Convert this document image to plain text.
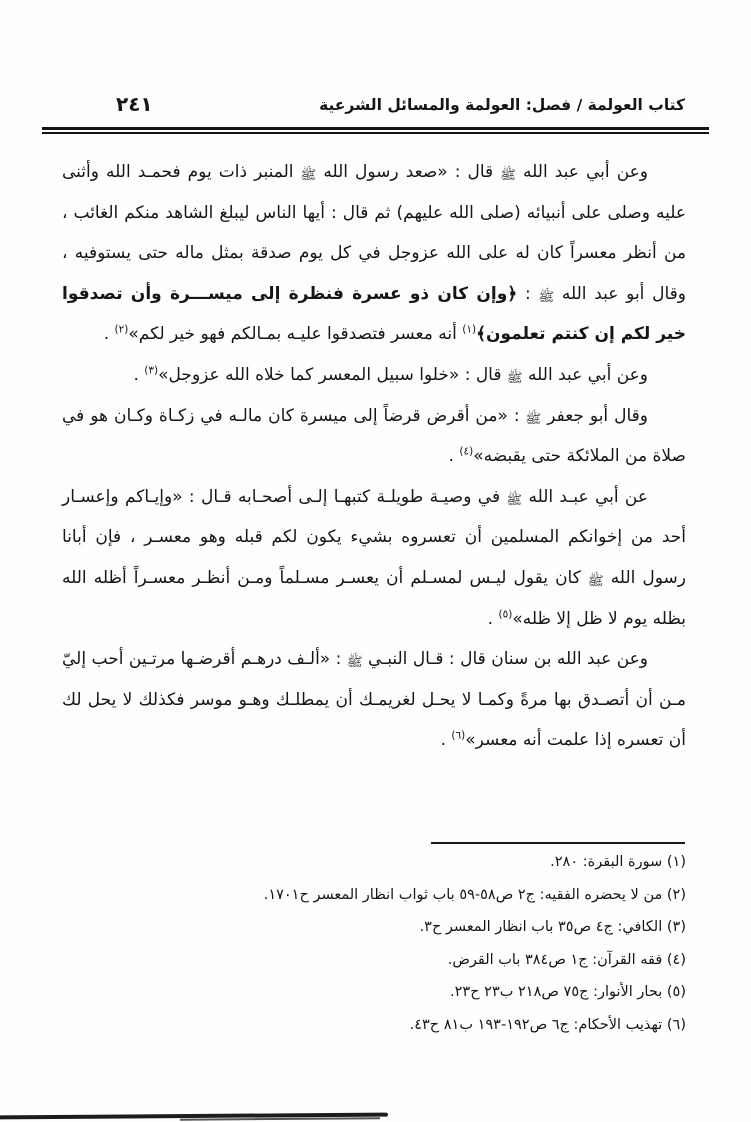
كتاب العولمة / فصل: العولمة والمسائل الشرعية
٢٤١

وعن أبي عبد الله ﷺ قال : «صعد رسول الله ﷺ المنبر ذات يوم فحمـد الله وأثنى عليه وصلى على أنبيائه (صلى الله عليهم) ثم قال : أيها الناس ليبلغ الشاهد منكم الغائب ، من أنظر معسراً كان له على الله عزوجل في كل يوم صدقة بمثل ماله حتى يستوفيه ، وقال أبو عبد الله ﷺ : ﴿وإن كان ذو عسرة فنظرة إلى ميســـرة وأن تصدقوا خير لكم إن كنتم تعلمون﴾$^{(١)}$ أنه معسر فتصدقوا عليـه بمـالكم فهو خير لكم»$^{(٢)}$ .

وعن أبي عبد الله ﷺ قال : «خلوا سبيل المعسر كما خلاه الله عزوجل»$^{(٣)}$ .

وقال أبو جعفر ﷺ : «من أقرض قرضاً إلى ميسرة كان مالـه في زكـاة وكـان هو في صلاة من الملائكة حتى يقبضه»$^{(٤)}$ .

عن أبي عبـد الله ﷺ في وصيـة طويلـة كتبهـا إلـى أصحـابه قـال : «وإيـاكم وإعسـار أحد من إخوانكم المسلمين أن تعسروه بشيء يكون لكم قبله وهو معسـر ، فإن أبانا رسول الله ﷺ كان يقول ليـس لمسـلم أن يعسـر مسـلماً ومـن أنظـر معسـراً أظله الله بظله يوم لا ظل إلا ظله»$^{(٥)}$ .

وعن عبد الله بن سنان قال : قـال النبـي ﷺ : «ألـف درهـم أقرضـها مرتـين أحب إليّ مـن أن أتصـدق بها مرةً وكمـا لا يحـل لغريمـك أن يمطلـك وهـو موسر فكذلك لا يحل لك أن تعسره إذا علمت أنه معسر»$^{(٦)}$ .

(١) سورة البقرة: ٢٨٠.
(٢) من لا يحضره الفقيه: ج٢ ص٥٨-٥٩ باب ثواب انظار المعسر ح١٧٠١.
(٣) الكافي: ج٤ ص٣٥ باب انظار المعسر ح٣.
(٤) فقه القرآن: ج١ ص٣٨٤ باب القرض.
(٥) بحار الأنوار: ج٧٥ ص٢١٨ ب٢٣ ح٢٣.
(٦) تهذيب الأحكام: ج٦ ص١٩٢-١٩٣ ب٨١ ح٤٣.
